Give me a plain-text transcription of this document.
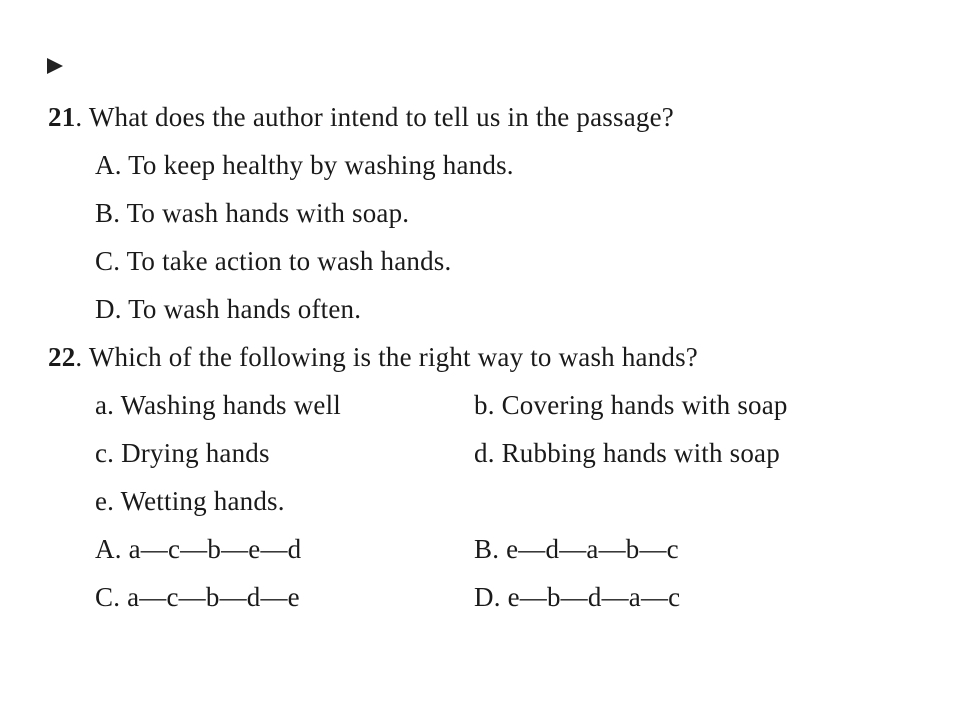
21. What does the author intend to tell us in the passage?
A. To keep healthy by washing hands.
B. To wash hands with soap.
C. To take action to wash hands.
D. To wash hands often.
22. Which of the following is the right way to wash hands?
a. Washing hands well	b. Covering hands with soap
c. Drying hands	d. Rubbing hands with soap
e. Wetting hands.
A. a—c—b—e—d	B. e—d—a—b—c
C. a—c—b—d—e	D. e—b—d—a—c
